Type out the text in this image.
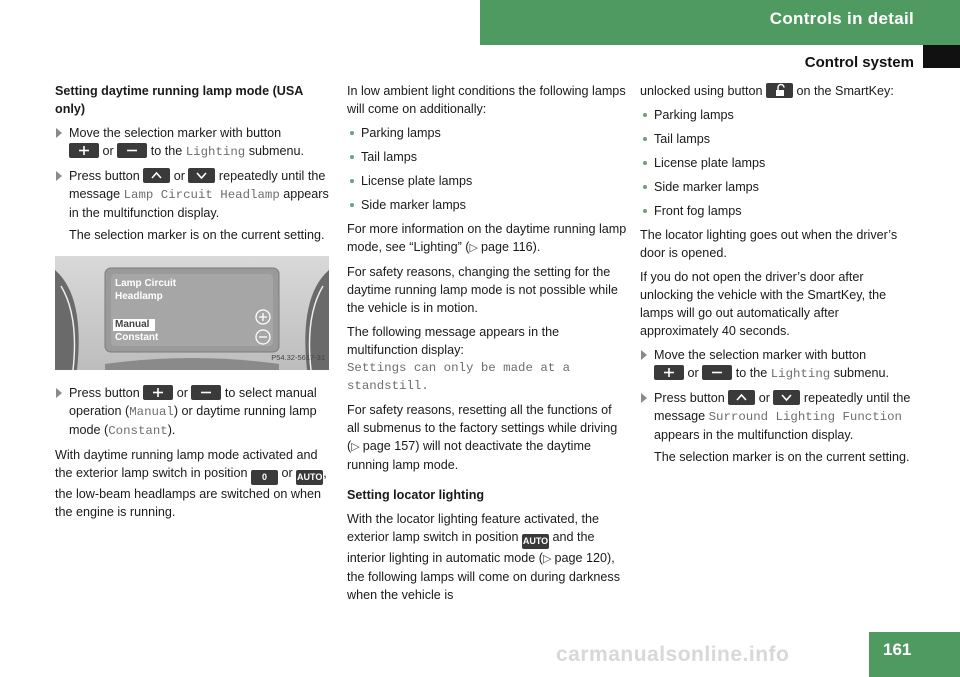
Controls in detail
Control system
Setting daytime running lamp mode (USA only)
Move the selection marker with button

or	to the Lighting submenu.
Press button	or	repeatedly until the message Lamp Circuit Headlamp appears in the multifunction display.
The selection marker is on the current setting.
Lamp Circuit
Headlamp
Manual
Constant
P54.32-5617-31
Press button	or	to select manual operation (Manual) or daytime running lamp mode (Constant).

With daytime running lamp mode activated and the exterior lamp switch in position 0 or AUTO, the low-beam headlamps are switched on when the engine is running.

In low ambient light conditions the following lamps will come on additionally:

Parking lamps
Tail lamps
License plate lamps
Side marker lamps

For more information on the daytime running lamp mode, see “Lighting” (▷ page 116).

For safety reasons, changing the setting for the daytime running lamp mode is not possible while the vehicle is in motion.

The following message appears in the multifunction display:

Settings can only be made at a standstill.

For safety reasons, resetting all the functions of all submenus to the factory settings while driving (▷ page 157) will not deactivate the daytime running lamp mode.

Setting locator lighting

With the locator lighting feature activated, the exterior lamp switch in position AUTO and the interior lighting in automatic mode (▷ page 120), the following lamps will come on during darkness when the vehicle is

unlocked using button	on the SmartKey:

Parking lamps
Tail lamps
License plate lamps
Side marker lamps
Front fog lamps

The locator lighting goes out when the driver’s door is opened.

If you do not open the driver’s door after unlocking the vehicle with the SmartKey, the lamps will go out automatically after approximately 40 seconds.

Move the selection marker with button

or	to the Lighting submenu.
Press button	or	repeatedly until the message Surround Lighting Function appears in the multifunction display.
The selection marker is on the current setting.
carmanualsonline.info	161
